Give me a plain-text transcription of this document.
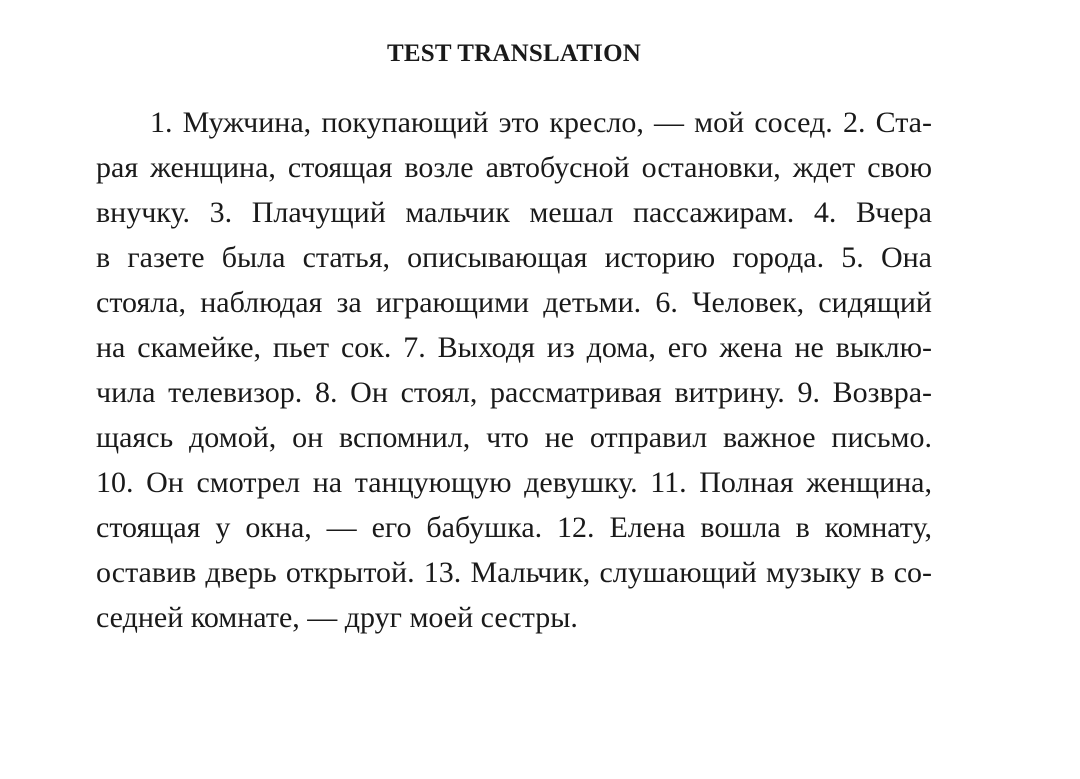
TEST TRANSLATION
1. Мужчина, покупающий это кресло, — мой сосед. 2. Ста-
рая женщина, стоящая возле автобусной остановки, ждет свою
внучку. 3. Плачущий мальчик мешал пассажирам. 4. Вчера
в газете была статья, описывающая историю города. 5. Она
стояла, наблюдая за играющими детьми. 6. Человек, сидящий
на скамейке, пьет сок. 7. Выходя из дома, его жена не выклю-
чила телевизор. 8. Он стоял, рассматривая витрину. 9. Возвра-
щаясь домой, он вспомнил, что не отправил важное письмо.
10. Он смотрел на танцующую девушку. 11. Полная женщина,
стоящая у окна, — его бабушка. 12. Елена вошла в комнату,
оставив дверь открытой. 13. Мальчик, слушающий музыку в со-
седней комнате, — друг моей сестры.
